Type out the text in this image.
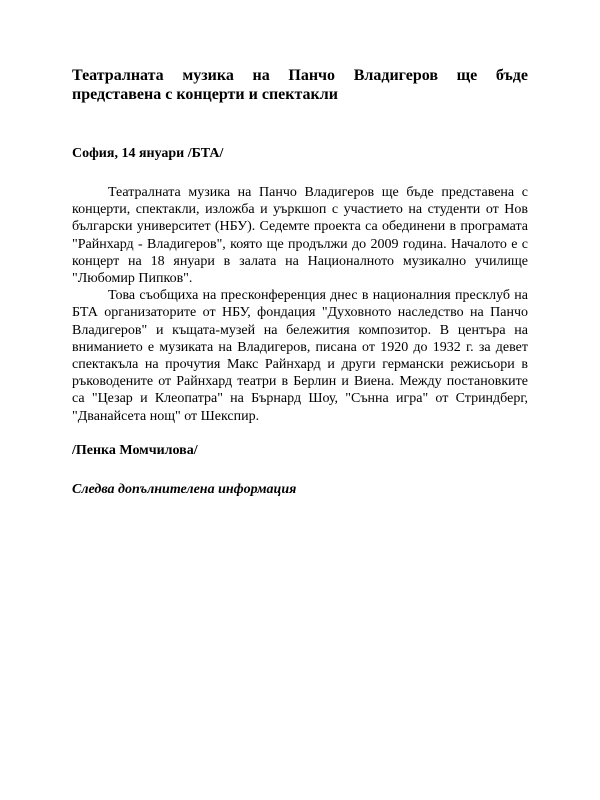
Театралната музика на Панчо Владигеров ще бъде представена с концерти и спектакли

София, 14 януари /БТА/

Театралната музика на Панчо Владигеров ще бъде представена с концерти, спектакли, изложба и уъркшоп с участието на студенти от Нов български университет (НБУ). Седемте проекта са обединени в програмата "Райнхард - Владигеров", която ще продължи до 2009 година. Началото е с концерт на 18 януари в залата на Националното музикално училище "Любомир Пипков".

Това съобщиха на пресконференция днес в националния пресклуб на БТА организаторите от НБУ, фондация "Духовното наследство на Панчо Владигеров" и къщата-музей на бележития композитор. В центъра на вниманието е музиката на Владигеров, писана от 1920 до 1932 г. за девет спектакъла на прочутия Макс Райнхард и други германски режисьори в ръководените от Райнхард театри в Берлин и Виена. Между постановките са "Цезар и Клеопатра" на Бърнард Шоу, "Сънна игра" от Стриндберг, "Дванайсета нощ" от Шекспир.

/Пенка Момчилова/

Следва допълнителена информация
